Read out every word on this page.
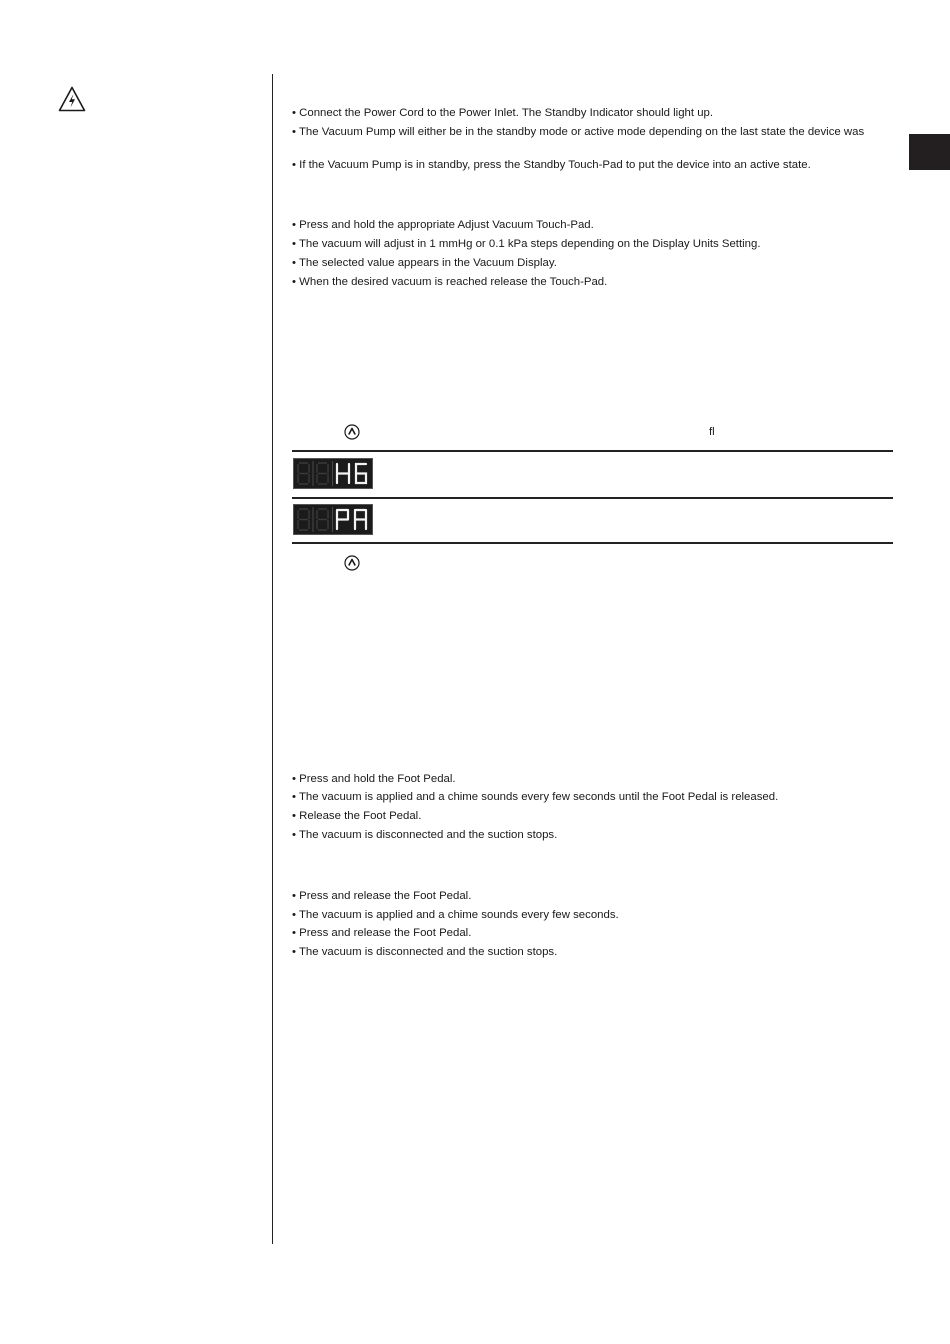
• Connect the Power Cord to the Power Inlet. The Standby Indicator should light up.
• The Vacuum Pump will either be in the standby mode or active mode depending on the last state the device was
• If the Vacuum Pump is in standby, press the Standby Touch-Pad to put the device into an active state.
• Press and hold the appropriate Adjust Vacuum Touch-Pad.
• The vacuum will adjust in 1 mmHg or 0.1 kPa steps depending on the Display Units Setting.
• The selected value appears in the Vacuum Display.
• When the desired vacuum is reached release the Touch-Pad.
fl
• Press and hold the Foot Pedal.
• The vacuum is applied and a chime sounds every few seconds until the Foot Pedal is released.
• Release the Foot Pedal.
• The vacuum is disconnected and the suction stops.
• Press and release the Foot Pedal.
• The vacuum is applied and a chime sounds every few seconds.
• Press and release the Foot Pedal.
• The vacuum is disconnected and the suction stops.
